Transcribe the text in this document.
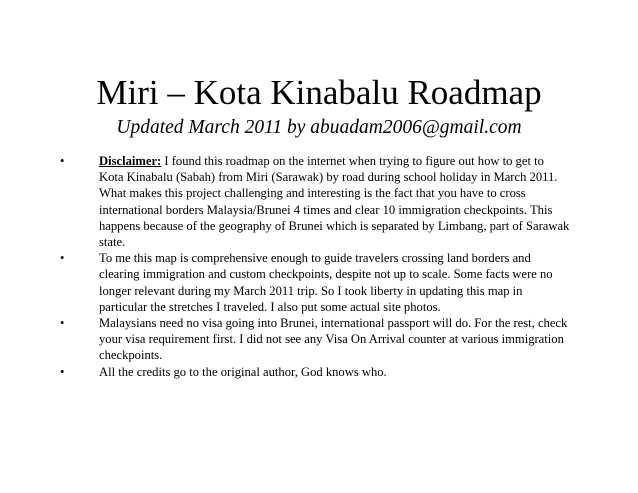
Miri – Kota Kinabalu Roadmap
Updated March 2011 by abuadam2006@gmail.com
•	Disclaimer: I found this roadmap on the internet when trying to figure out how to get to Kota Kinabalu (Sabah) from Miri (Sarawak) by road during school holiday in March 2011. What makes this project challenging and interesting is the fact that you have to cross international borders Malaysia/Brunei 4 times and clear 10 immigration checkpoints. This happens because of the geography of Brunei which is separated by Limbang, part of Sarawak state.
•	To me this map is comprehensive enough to guide travelers crossing land borders and clearing immigration and custom checkpoints, despite not up to scale. Some facts were no longer relevant during my March 2011 trip. So I took liberty in updating this map in particular the stretches I traveled. I also put some actual site photos.
•	Malaysians need no visa going into Brunei, international passport will do. For the rest, check your visa requirement first. I did not see any Visa On Arrival counter at various immigration checkpoints.
•	All the credits go to the original author, God knows who.
